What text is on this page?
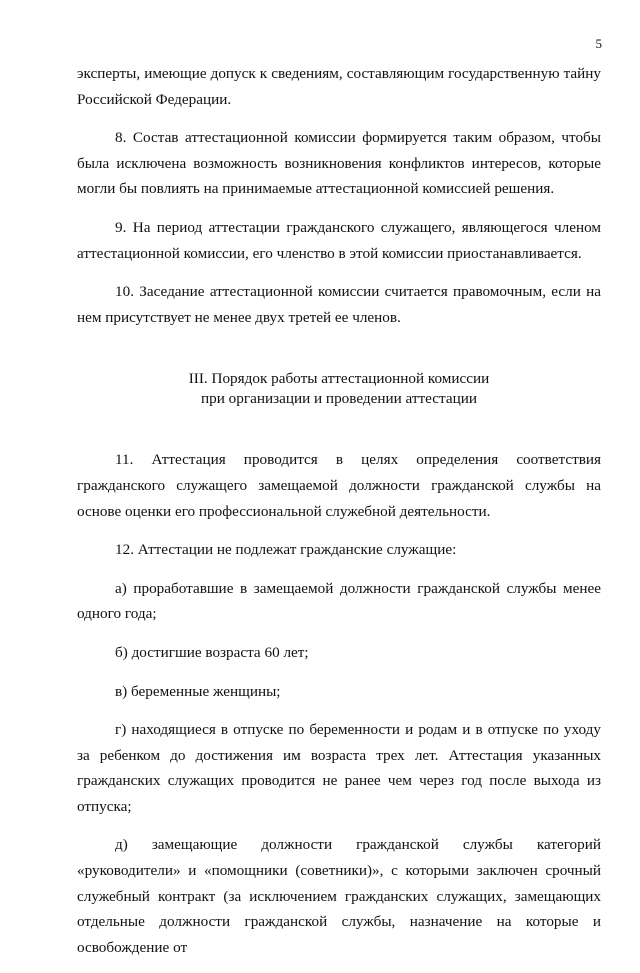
5

эксперты, имеющие допуск к сведениям, составляющим государственную тайну Российской Федерации.

8. Состав аттестационной комиссии формируется таким образом, чтобы была исключена возможность возникновения конфликтов интересов, которые могли бы повлиять на принимаемые аттестационной комиссией решения.

9. На период аттестации гражданского служащего, являющегося членом аттестационной комиссии, его членство в этой комиссии приостанавливается.

10. Заседание аттестационной комиссии считается правомочным, если на нем присутствует не менее двух третей ее членов.

III. Порядок работы аттестационной комиссии
при организации и проведении аттестации

11. Аттестация проводится в целях определения соответствия гражданского служащего замещаемой должности гражданской службы на основе оценки его профессиональной служебной деятельности.

12. Аттестации не подлежат гражданские служащие:

а) проработавшие в замещаемой должности гражданской службы менее одного года;

б) достигшие возраста 60 лет;

в) беременные женщины;

г) находящиеся в отпуске по беременности и родам и в отпуске по уходу за ребенком до достижения им возраста трех лет. Аттестация указанных гражданских служащих проводится не ранее чем через год после выхода из отпуска;

д) замещающие должности гражданской службы категорий «руководители» и «помощники (советники)», с которыми заключен срочный служебный контракт (за исключением гражданских служащих, замещающих отдельные должности гражданской службы, назначение на которые и освобождение от
